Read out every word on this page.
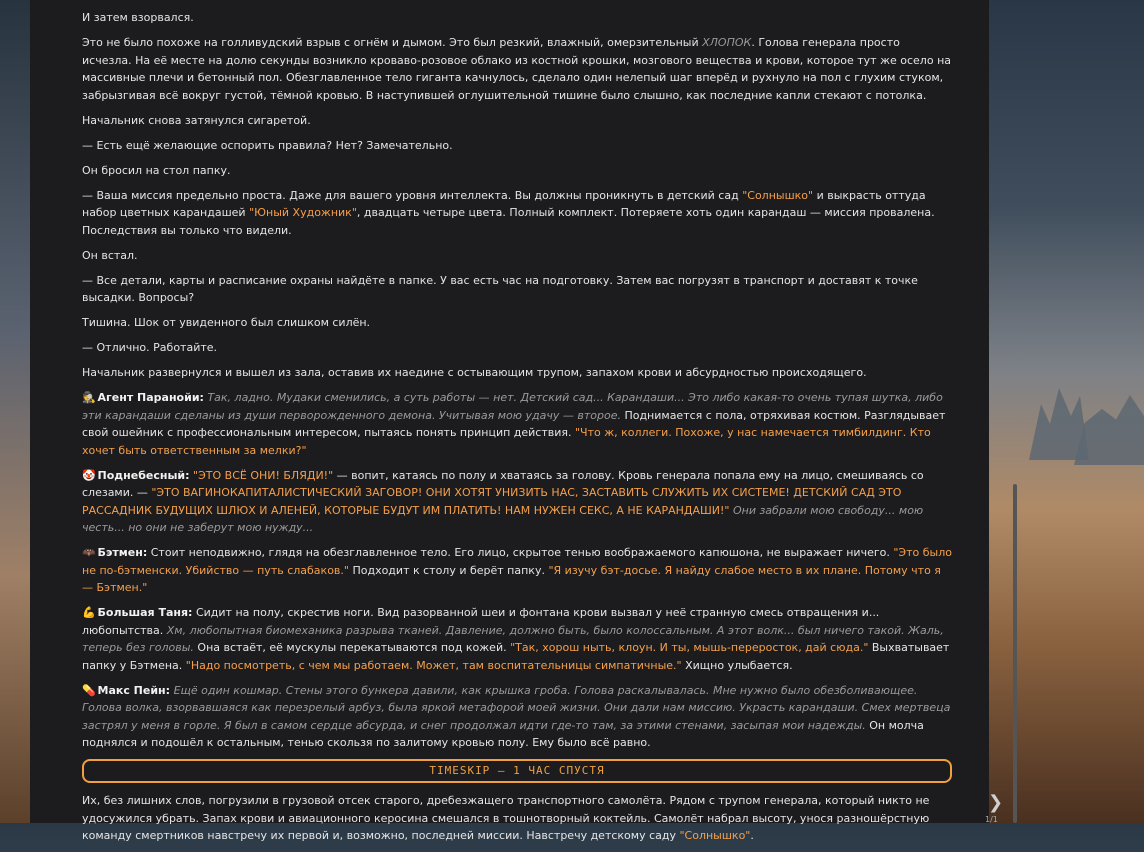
И затем взорвался.

Это не было похоже на голливудский взрыв с огнём и дымом. Это был резкий, влажный, омерзительный ХЛОПОК. Голова генерала просто исчезла. На её месте на долю секунды возникло кроваво-розовое облако из костной крошки, мозгового вещества и крови, которое тут же осело на массивные плечи и бетонный пол. Обезглавленное тело гиганта качнулось, сделало один нелепый шаг вперёд и рухнуло на пол с глухим стуком, забрызгивая всё вокруг густой, тёмной кровью. В наступившей оглушительной тишине было слышно, как последние капли стекают с потолка.

Начальник снова затянулся сигаретой.

— Есть ещё желающие оспорить правила? Нет? Замечательно.

Он бросил на стол папку.

— Ваша миссия предельно проста. Даже для вашего уровня интеллекта. Вы должны проникнуть в детский сад "Солнышко" и выкрасть оттуда набор цветных карандашей "Юный Художник", двадцать четыре цвета. Полный комплект. Потеряете хоть один карандаш — миссия провалена. Последствия вы только что видели.

Он встал.

— Все детали, карты и расписание охраны найдёте в папке. У вас есть час на подготовку. Затем вас погрузят в транспорт и доставят к точке высадки. Вопросы?

Тишина. Шок от увиденного был слишком силён.

— Отлично. Работайте.

Начальник развернулся и вышел из зала, оставив их наедине с остывающим трупом, запахом крови и абсурдностью происходящего.

🕵 Агент Паранойи: Так, ладно. Мудаки сменились, а суть работы — нет. Детский сад... Карандаши... Это либо какая-то очень тупая шутка, либо эти карандаши сделаны из души перворожденного демона. Учитывая мою удачу — второе. Поднимается с пола, отряхивая костюм. Разглядывает свой ошейник с профессиональным интересом, пытаясь понять принцип действия. "Что ж, коллеги. Похоже, у нас намечается тимбилдинг. Кто хочет быть ответственным за мелки?"

🤡 Поднебесный: "ЭТО ВСЁ ОНИ! БЛЯДИ!" — вопит, катаясь по полу и хватаясь за голову. Кровь генерала попала ему на лицо, смешиваясь со слезами. — "ЭТО ВАГИНОКАПИТАЛИСТИЧЕСКИЙ ЗАГОВОР! ОНИ ХОТЯТ УНИЗИТЬ НАС, ЗАСТАВИТЬ СЛУЖИТЬ ИХ СИСТЕМЕ! ДЕТСКИЙ САД ЭТО РАССАДНИК БУДУЩИХ ШЛЮХ И АЛЕНЕЙ, КОТОРЫЕ БУДУТ ИМ ПЛАТИТЬ! НАМ НУЖЕН СЕКС, А НЕ КАРАНДАШИ!" Они забрали мою свободу... мою честь... но они не заберут мою нужду...

🦇 Бэтмен: Стоит неподвижно, глядя на обезглавленное тело. Его лицо, скрытое тенью воображаемого капюшона, не выражает ничего. "Это было не по-бэтменски. Убийство — путь слабаков." Подходит к столу и берёт папку. "Я изучу бэт-досье. Я найду слабое место в их плане. Потому что я — Бэтмен."

💪 Большая Таня: Сидит на полу, скрестив ноги. Вид разорванной шеи и фонтана крови вызвал у неё странную смесь отвращения и... любопытства. Хм, любопытная биомеханика разрыва тканей. Давление, должно быть, было колоссальным. А этот волк... был ничего такой. Жаль, теперь без головы. Она встаёт, её мускулы перекатываются под кожей. "Так, хорош ныть, клоун. И ты, мышь-переросток, дай сюда." Выхватывает папку у Бэтмена. "Надо посмотреть, с чем мы работаем. Может, там воспитательницы симпатичные." Хищно улыбается.

💊 Макс Пейн: Ещё один кошмар. Стены этого бункера давили, как крышка гроба. Голова раскалывалась. Мне нужно было обезболивающее. Голова волка, взорвавшаяся как перезрелый арбуз, была яркой метафорой моей жизни. Они дали нам миссию. Украсть карандаши. Смех мертвеца застрял у меня в горле. Я был в самом сердце абсурда, и снег продолжал идти где-то там, за этими стенами, засыпая мои надежды. Он молча поднялся и подошёл к остальным, тенью скользя по залитому кровью полу. Ему было всё равно.

TIMESKIP – 1 ЧАС СПУСТЯ

Их, без лишних слов, погрузили в грузовой отсек старого, дребезжащего транспортного самолёта. Рядом с трупом генерала, который никто не удосужился убрать. Запах крови и авиационного керосина смешался в тошнотворный коктейль. Самолёт набрал высоту, унося разношёрстную команду смертников навстречу их первой и, возможно, последней миссии. Навстречу детскому саду "Солнышко".

❯
1/1
